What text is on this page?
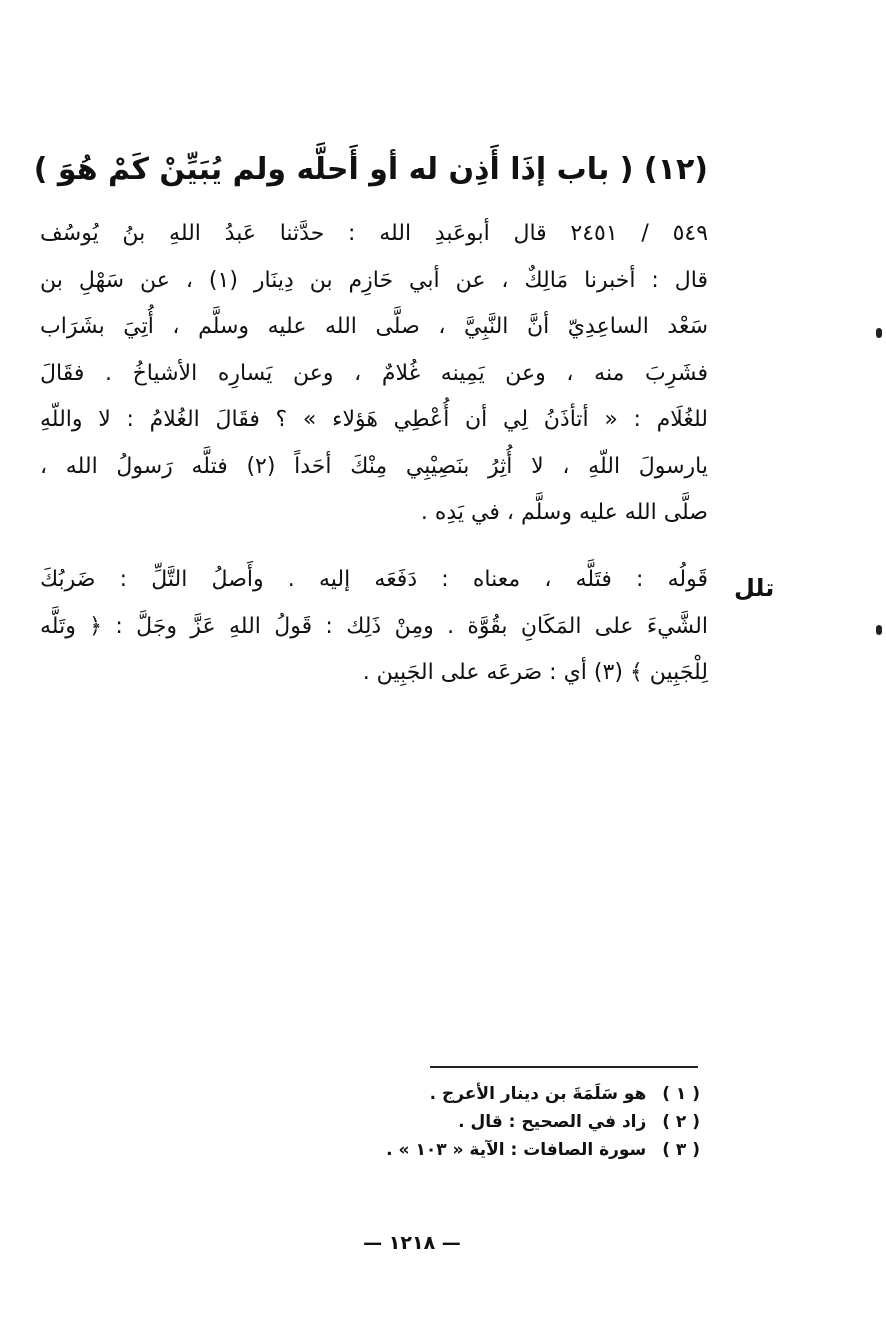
(١٢) ( باب إذَا أَذِن له أو أَحلَّه ولم يُبَيِّنْ كَمْ هُوَ )
٥٤٩ / ٢٤٥١ قال أبوعَبدِ الله : حدَّثنا عَبدُ اللهِ بنُ يُوسُف
قال : أخبرنا مَالِكٌ ، عن أبي حَازِم بن دِينَار (١) ، عن سَهْلِ بن
سَعْد الساعِدِيّ أنَّ النَّبِيَّ ، صلَّى الله عليه وسلَّم ، أُتِيَ بشَرَاب
فشَرِبَ منه ، وعن يَمِينه غُلامٌ ، وعن يَسارِه الأشياخُ . فقَالَ
للغُلَام : « أتأذَنُ لِي أن أُعْطِي هَؤلاء » ؟ فقَالَ الغُلامُ : لا واللّهِ
يارسولَ اللّهِ ، لا أُثِرُ بنَصِيْبِي مِنْكَ أحَداً (٢) فتلَّه رَسولُ الله ،
صلَّى الله عليه وسلَّم ، في يَدِه .
تلل
قَولُه : فتَلَّه ، معناه : دَفَعَه إليه . وأَصلُ التَّلِّ : ضَربُكَ
الشَّيءَ على المَكَانِ بقُوَّة . ومِنْ ذَلِك : قَولُ اللهِ عَزَّ وجَلَّ : ﴿ وتَلَّه
لِلْجَبِين ﴾ (٣) أي : صَرعَه على الجَبِين .
( ١ ) هو سَلَمَةَ بن دينار الأعرج .
( ٢ ) زاد في الصحيح : قال .
( ٣ ) سورة الصافات : الآية « ١٠٣ » .
— ١٢١٨ —
